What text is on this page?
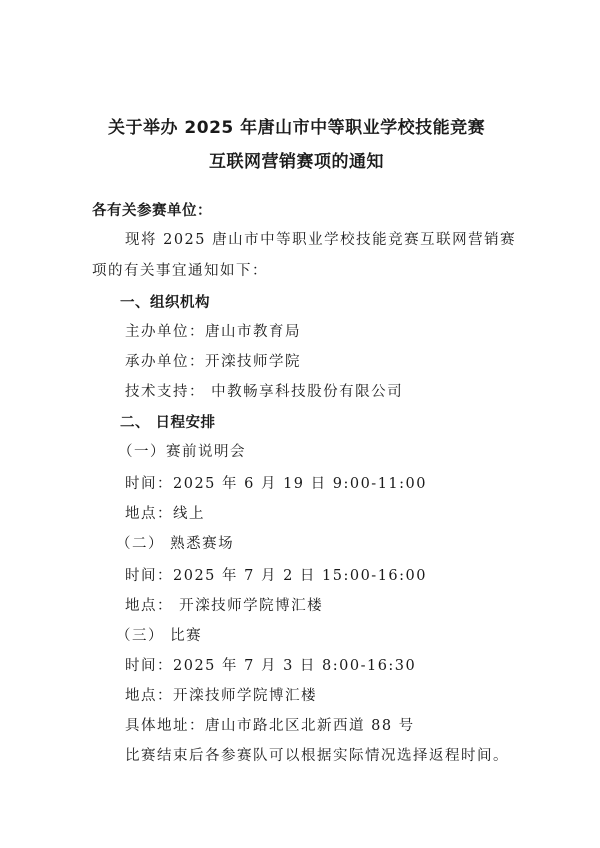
关于举办 2025 年唐山市中等职业学校技能竞赛
互联网营销赛项的通知
各有关参赛单位：
现将 2025 唐山市中等职业学校技能竞赛互联网营销赛
项的有关事宜通知如下：
一、组织机构
主办单位：唐山市教育局
承办单位：开滦技师学院
技术支持： 中教畅享科技股份有限公司
二、 日程安排
（一）赛前说明会
时间：2025 年 6 月 19 日 9:00-11:00
地点：线上
（二） 熟悉赛场
时间：2025 年 7 月 2 日 15:00-16:00
地点： 开滦技师学院博汇楼
（三） 比赛
时间：2025 年 7 月 3 日 8:00-16:30
地点：开滦技师学院博汇楼
具体地址：唐山市路北区北新西道 88 号
比赛结束后各参赛队可以根据实际情况选择返程时间。
